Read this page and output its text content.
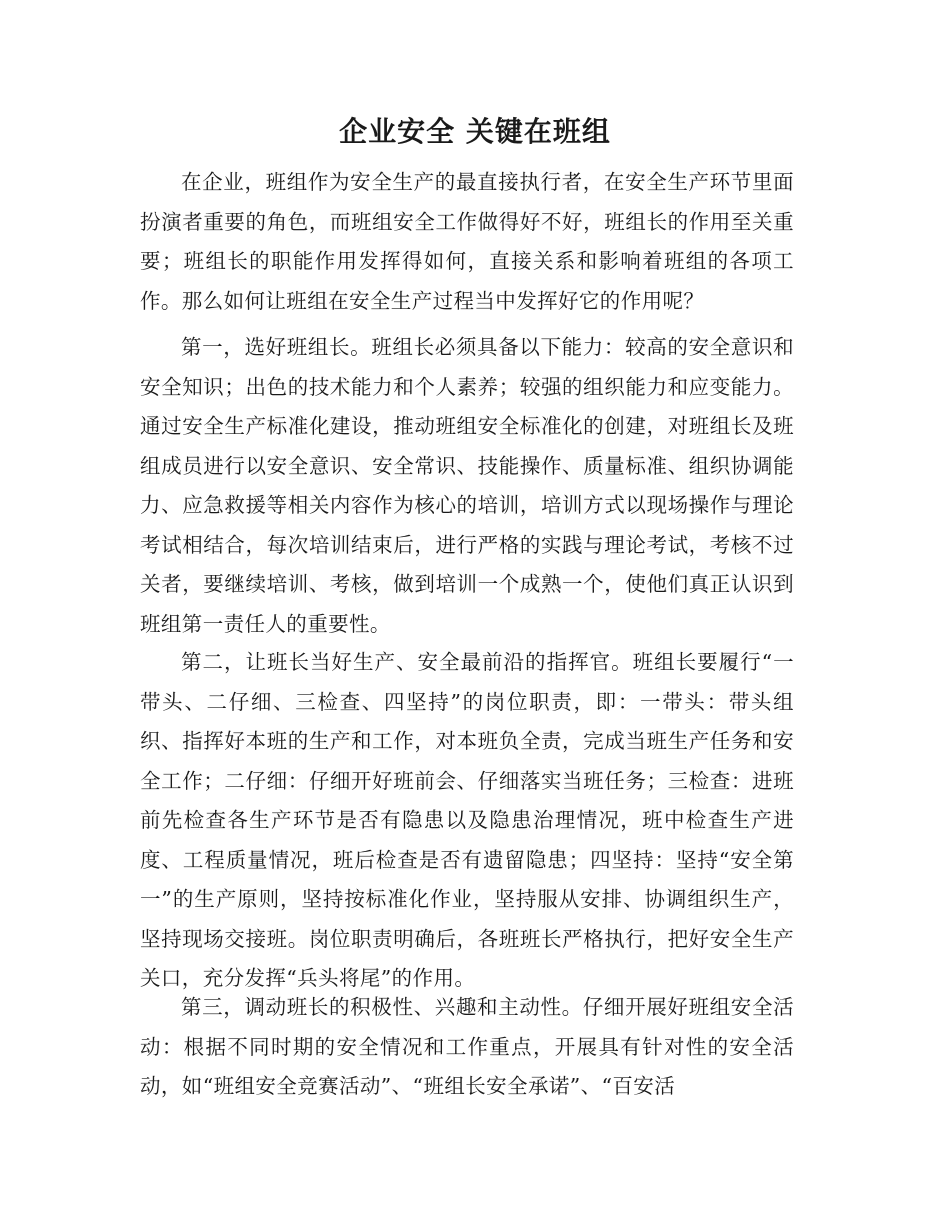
企业安全 关键在班组

在企业，班组作为安全生产的最直接执行者，在安全生产环节里面扮演者重要的角色，而班组安全工作做得好不好，班组长的作用至关重要；班组长的职能作用发挥得如何，直接关系和影响着班组的各项工作。那么如何让班组在安全生产过程当中发挥好它的作用呢？

第一，选好班组长。班组长必须具备以下能力：较高的安全意识和安全知识；出色的技术能力和个人素养；较强的组织能力和应变能力。通过安全生产标准化建设，推动班组安全标准化的创建，对班组长及班组成员进行以安全意识、安全常识、技能操作、质量标准、组织协调能力、应急救援等相关内容作为核心的培训，培训方式以现场操作与理论考试相结合，每次培训结束后，进行严格的实践与理论考试，考核不过关者，要继续培训、考核，做到培训一个成熟一个，使他们真正认识到班组第一责任人的重要性。

第二，让班长当好生产、安全最前沿的指挥官。班组长要履行“一带头、二仔细、三检查、四坚持”的岗位职责，即：一带头：带头组织、指挥好本班的生产和工作，对本班负全责，完成当班生产任务和安全工作；二仔细：仔细开好班前会、仔细落实当班任务；三检查：进班前先检查各生产环节是否有隐患以及隐患治理情况，班中检查生产进度、工程质量情况，班后检查是否有遗留隐患；四坚持：坚持“安全第一”的生产原则，坚持按标准化作业，坚持服从安排、协调组织生产，坚持现场交接班。岗位职责明确后，各班班长严格执行，把好安全生产关口，充分发挥“兵头将尾”的作用。

第三，调动班长的积极性、兴趣和主动性。仔细开展好班组安全活动：根据不同时期的安全情况和工作重点，开展具有针对性的安全活动，如“班组安全竞赛活动”、“班组长安全承诺”、“百安活
